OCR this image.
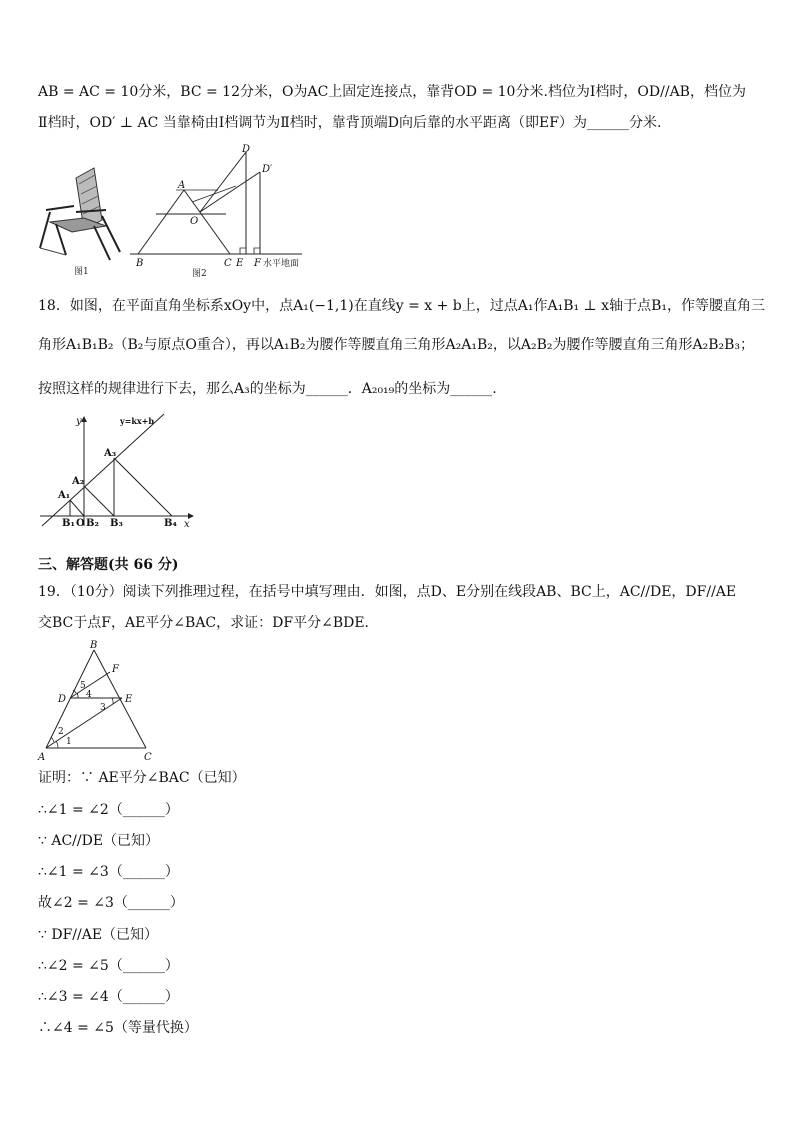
AB = AC = 10分米，BC = 12分米，O为AC上固定连接点，靠背OD = 10分米.档位为Ⅰ档时，OD//AB，档位为
Ⅱ档时，OD′ ⊥ AC 当靠椅由Ⅰ档调节为Ⅱ档时，靠背顶端D向后靠的水平距离（即EF）为______分米.
图1
D
D′
A
O
B	C E F 水平地面
图2
18．如图，在平面直角坐标系xOy中，点A₁(−1,1)在直线y = x + b上，过点A₁作A₁B₁ ⊥ x轴于点B₁，作等腰直角三
角形A₁B₁B₂（B₂与原点O重合），再以A₁B₂为腰作等腰直角三角形A₂A₁B₂，以A₂B₂为腰作等腰直角三角形A₂B₂B₃；
按照这样的规律进行下去，那么A₃的坐标为______．A₂₀₁₉的坐标为______.
y
x
y=kx+b
A₁
A₂
A₃
B₁ O B₂ B₃	B₄
三、解答题(共 66 分)
19．（10分）阅读下列推理过程，在括号中填写理由．如图，点D、E分别在线段AB、BC上，AC//DE，DF//AE
交BC于点F，AE平分∠BAC，求证：DF平分∠BDE．
B
F
D	E
A	C
1
2
3
4
5
证明：∵ AE平分∠BAC（已知）
∴∠1 = ∠2（______）
∵ AC//DE（已知）
∴∠1 = ∠3（______）
故∠2 = ∠3（______）
∵ DF//AE（已知）
∴∠2 = ∠5（______）
∴∠3 = ∠4（______）
∴∠4 = ∠5（等量代换）
